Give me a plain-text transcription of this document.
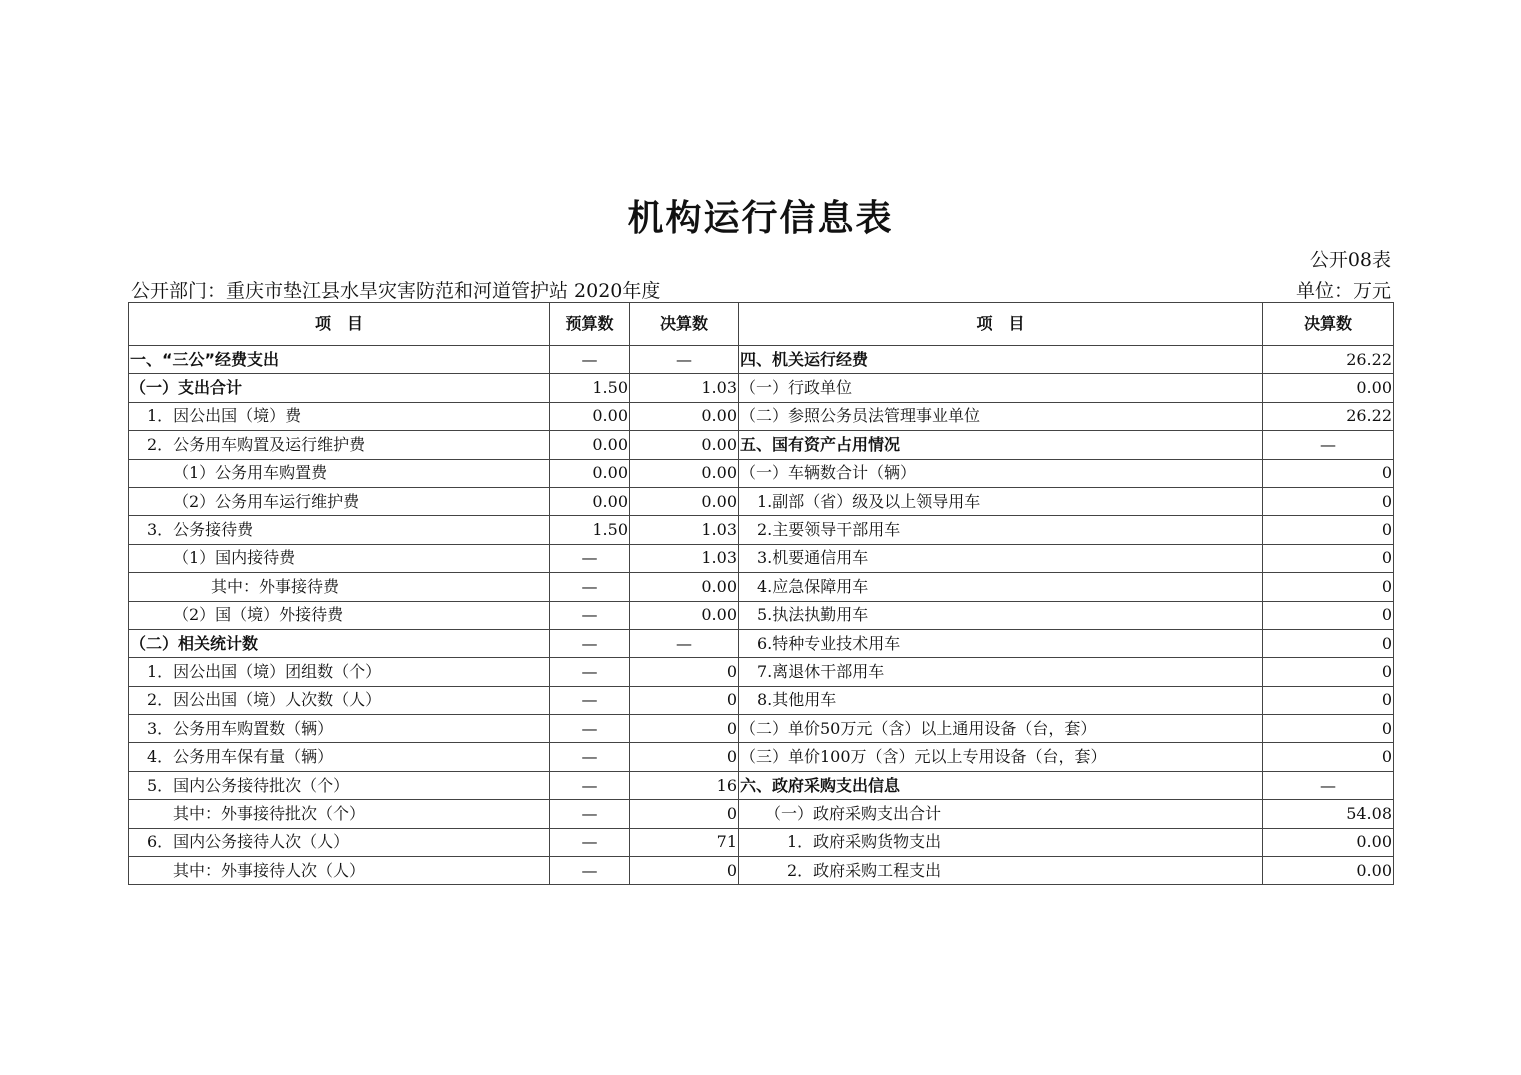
机构运行信息表
公开08表
公开部门：重庆市垫江县水旱灾害防范和河道管护站 2020年度	单位：万元
项　目	预算数	决算数	项　目	决算数
一、“三公”经费支出	—	—	四、机关运行经费	26.22
（一）支出合计	1.50	1.03	（一）行政单位	0.00
1．因公出国（境）费	0.00	0.00	（二）参照公务员法管理事业单位	26.22
2．公务用车购置及运行维护费	0.00	0.00	五、国有资产占用情况	—
（1）公务用车购置费	0.00	0.00	（一）车辆数合计（辆）	0
（2）公务用车运行维护费	0.00	0.00	1.副部（省）级及以上领导用车	0
3．公务接待费	1.50	1.03	2.主要领导干部用车	0
（1）国内接待费	—	1.03	3.机要通信用车	0
其中：外事接待费	—	0.00	4.应急保障用车	0
（2）国（境）外接待费	—	0.00	5.执法执勤用车	0
（二）相关统计数	—	—	6.特种专业技术用车	0
1．因公出国（境）团组数（个）	—	0	7.离退休干部用车	0
2．因公出国（境）人次数（人）	—	0	8.其他用车	0
3．公务用车购置数（辆）	—	0	（二）单价50万元（含）以上通用设备（台，套）	0
4．公务用车保有量（辆）	—	0	（三）单价100万（含）元以上专用设备（台，套）	0
5．国内公务接待批次（个）	—	16	六、政府采购支出信息	—
其中：外事接待批次（个）	—	0	（一）政府采购支出合计	54.08
6．国内公务接待人次（人）	—	71	1．政府采购货物支出	0.00
其中：外事接待人次（人）	—	0	2．政府采购工程支出	0.00
